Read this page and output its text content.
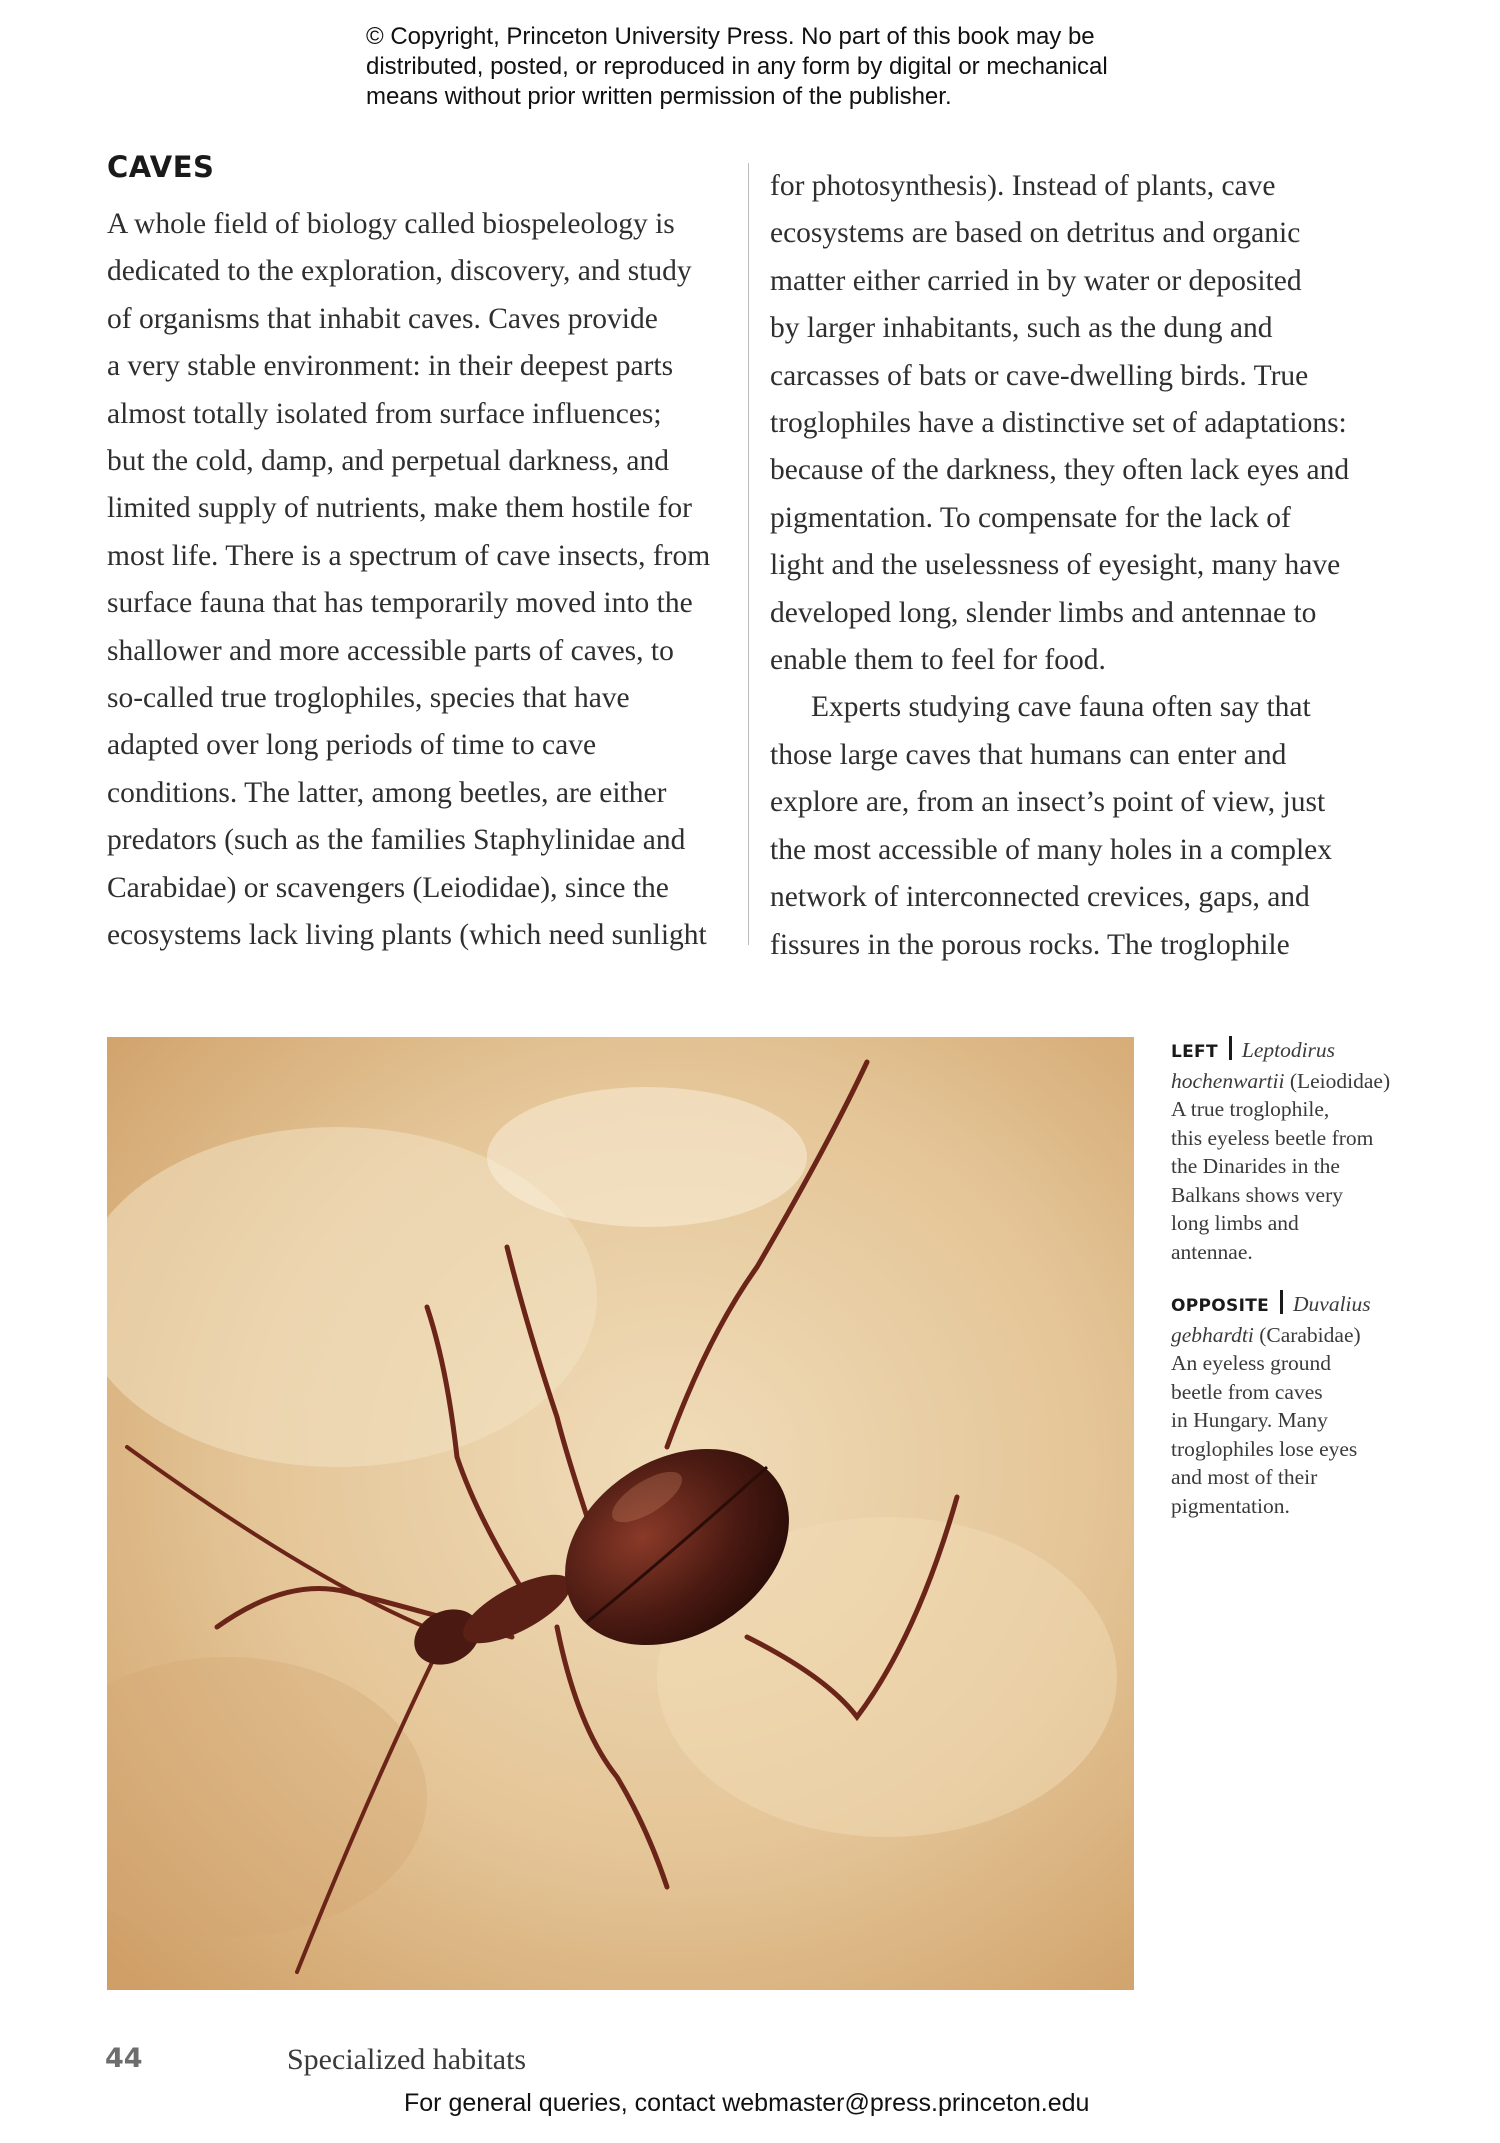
© Copyright, Princeton University Press. No part of this book may be
distributed, posted, or reproduced in any form by digital or mechanical
means without prior written permission of the publisher.
CAVES
A whole field of biology called biospeleology is
dedicated to the exploration, discovery, and study
of organisms that inhabit caves. Caves provide
a very stable environment: in their deepest parts
almost totally isolated from surface influences;
but the cold, damp, and perpetual darkness, and
limited supply of nutrients, make them hostile for
most life. There is a spectrum of cave insects, from
surface fauna that has temporarily moved into the
shallower and more accessible parts of caves, to
so-called true troglophiles, species that have
adapted over long periods of time to cave
conditions. The latter, among beetles, are either
predators (such as the families Staphylinidae and
Carabidae) or scavengers (Leiodidae), since the
ecosystems lack living plants (which need sunlight
for photosynthesis). Instead of plants, cave
ecosystems are based on detritus and organic
matter either carried in by water or deposited
by larger inhabitants, such as the dung and
carcasses of bats or cave-dwelling birds. True
troglophiles have a distinctive set of adaptations:
because of the darkness, they often lack eyes and
pigmentation. To compensate for the lack of
light and the uselessness of eyesight, many have
developed long, slender limbs and antennae to
enable them to feel for food.
Experts studying cave fauna often say that
those large caves that humans can enter and
explore are, from an insect’s point of view, just
the most accessible of many holes in a complex
network of interconnected crevices, gaps, and
fissures in the porous rocks. The troglophile
LEFT Leptodirus
hochenwartii (Leiodidae)
A true troglophile,
this eyeless beetle from
the Dinarides in the
Balkans shows very
long limbs and
antennae.
OPPOSITE Duvalius
gebhardti (Carabidae)
An eyeless ground
beetle from caves
in Hungary. Many
troglophiles lose eyes
and most of their
pigmentation.
44	Specialized habitats
For general queries, contact webmaster@press.princeton.edu
